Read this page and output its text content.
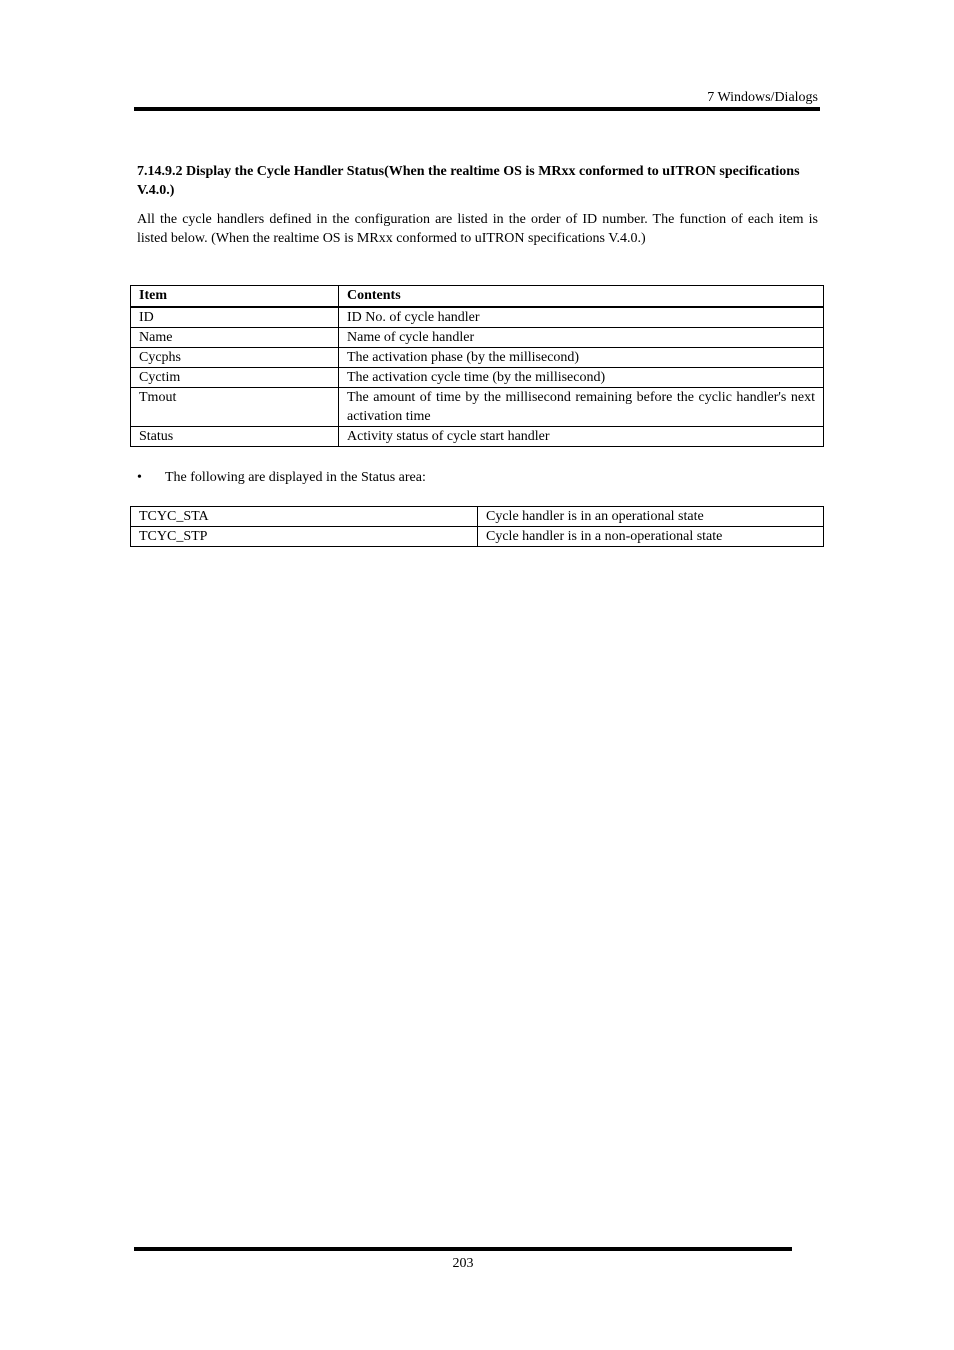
7 Windows/Dialogs
7.14.9.2 Display the Cycle Handler Status(When the realtime OS is MRxx conformed to uITRON specifications V.4.0.)
All the cycle handlers defined in the configuration are listed in the order of ID number. The function of each item is listed below. (When the realtime OS is MRxx conformed to uITRON specifications V.4.0.)
Item	Contents
ID	ID No. of cycle handler
Name	Name of cycle handler
Cycphs	The activation phase (by the millisecond)
Cyctim	The activation cycle time (by the millisecond)
Tmout	The amount of time by the millisecond remaining before the cyclic handler's next activation time
Status	Activity status of cycle start handler
• The following are displayed in the Status area:
TCYC_STA	Cycle handler is in an operational state
TCYC_STP	Cycle handler is in a non-operational state
203
